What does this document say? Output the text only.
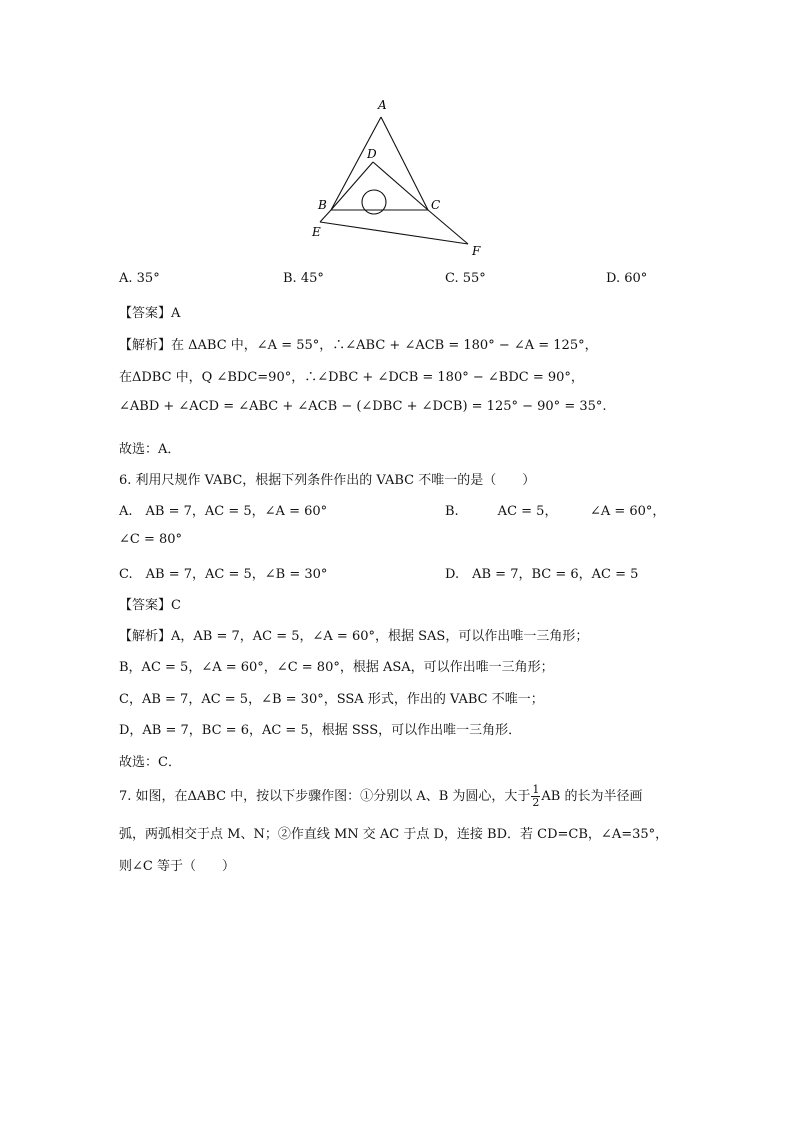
A
D
B	C
E
F
A. 35°	B. 45°	C. 55°	D. 60°
【答案】A
【解析】在 ΔABC 中，∠A = 55°，∴∠ABC + ∠ACB = 180° − ∠A = 125°，
在ΔDBC 中，Q ∠BDC=90°，∴∠DBC + ∠DCB = 180° − ∠BDC = 90°，
∠ABD + ∠ACD = ∠ABC + ∠ACB − (∠DBC + ∠DCB) = 125° − 90° = 35°.
故选：A．
6. 利用尺规作 VABC，根据下列条件作出的 VABC 不唯一的是（　　）
A.　AB = 7，AC = 5，∠A = 60°	B.　　　AC = 5，　　　∠A = 60°，
∠C = 80°
C.　AB = 7，AC = 5，∠B = 30°	D.　AB = 7，BC = 6，AC = 5
【答案】C
【解析】A，AB = 7，AC = 5，∠A = 60°，根据 SAS，可以作出唯一三角形；
B，AC = 5，∠A = 60°，∠C = 80°，根据 ASA，可以作出唯一三角形；
C，AB = 7，AC = 5，∠B = 30°，SSA 形式，作出的 VABC 不唯一；
D，AB = 7，BC = 6，AC = 5，根据 SSS，可以作出唯一三角形．
故选：C．
7. 如图，在ΔABC 中，按以下步骤作图：①分别以 A、B 为圆心，大于 $\frac{1}{2}$ AB 的长为半径画
弧，两弧相交于点 M、N；②作直线 MN 交 AC 于点 D，连接 BD．若 CD=CB，∠A=35°，
则∠C 等于（　　）
